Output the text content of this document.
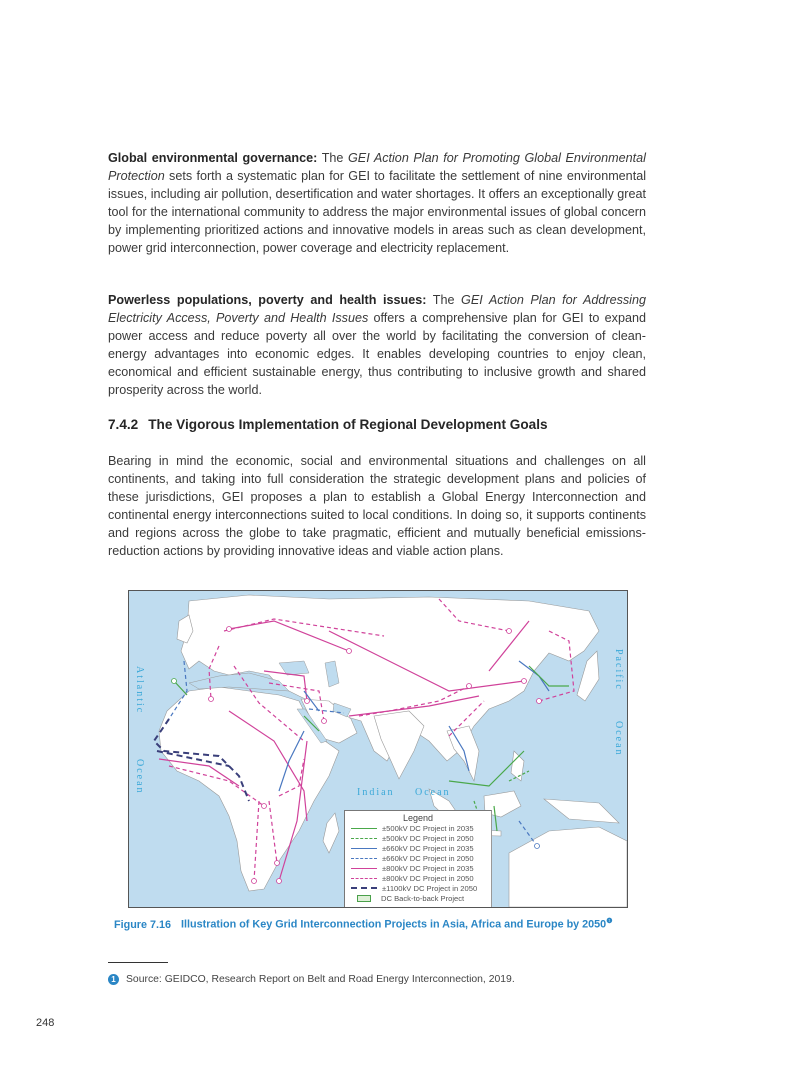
Global environmental governance: The GEI Action Plan for Promoting Global Environmental Protection sets forth a systematic plan for GEI to facilitate the settlement of nine environmental issues, including air pollution, desertification and water shortages. It offers an exceptionally great tool for the international community to address the major environmental issues of global concern by implementing prioritized actions and innovative models in areas such as clean development, power grid interconnection, power coverage and electricity replacement.

Powerless populations, poverty and health issues: The GEI Action Plan for Addressing Electricity Access, Poverty and Health Issues offers a comprehensive plan for GEI to expand power access and reduce poverty all over the world by facilitating the conversion of clean-energy advantages into economic edges. It enables developing countries to enjoy clean, economical and efficient sustainable energy, thus contributing to inclusive growth and shared prosperity across the world.

7.4.2 The Vigorous Implementation of Regional Development Goals

Bearing in mind the economic, social and environmental situations and challenges on all continents, and taking into full consideration the strategic development plans and policies of these jurisdictions, GEI proposes a plan to establish a Global Energy Interconnection and continental energy interconnections suited to local conditions. In doing so, it supports continents and regions across the globe to take pragmatic, efficient and mutually beneficial emissions-reduction actions by providing innovative ideas and viable action plans.

Atlantic
Ocean	Indian Ocean
Pacific
Ocean
Legend
±500kV DC Project in 2035
±500kV DC Project in 2050
±660kV DC Project in 2035
±660kV DC Project in 2050
±800kV DC Project in 2035
±800kV DC Project in 2050
±1100kV DC Project in 2050
DC Back-to-back Project

Figure 7.16 Illustration of Key Grid Interconnection Projects in Asia, Africa and Europe by $2050^❶$

1 Source: GEIDCO, Research Report on Belt and Road Energy Interconnection, 2019.
248
